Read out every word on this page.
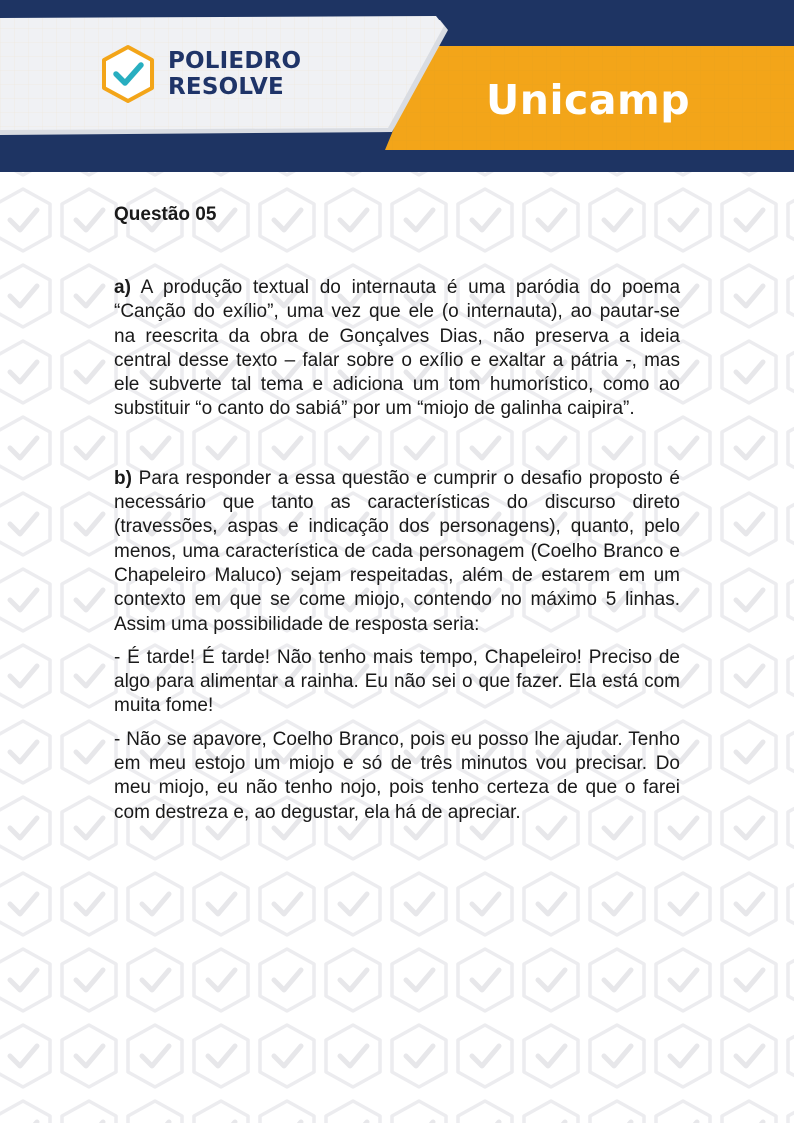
POLIEDRO
RESOLVE	Unicamp
Questão 05

a) A produção textual do internauta é uma paródia do poema “Canção do exílio”, uma vez que ele (o internauta), ao pautar-se na reescrita da obra de Gonçalves Dias, não preserva a ideia central desse texto – falar sobre o exílio e exaltar a pátria -, mas ele subverte tal tema e adiciona um tom humorístico, como ao substituir “o canto do sabiá” por um “miojo de galinha caipira”.

b) Para responder a essa questão e cumprir o desafio proposto é necessário que tanto as características do discurso direto (travessões, aspas e indicação dos personagens), quanto, pelo menos, uma característica de cada personagem (Coelho Branco e Chapeleiro Maluco) sejam respeitadas, além de estarem em um contexto em que se come miojo, contendo no máximo 5 linhas. Assim uma possibilidade de resposta seria:

- É tarde! É tarde! Não tenho mais tempo, Chapeleiro! Preciso de algo para alimentar a rainha. Eu não sei o que fazer. Ela está com muita fome!

- Não se apavore, Coelho Branco, pois eu posso lhe ajudar. Tenho em meu estojo um miojo e só de três minutos vou precisar. Do meu miojo, eu não tenho nojo, pois tenho certeza de que o farei com destreza e, ao degustar, ela há de apreciar.
